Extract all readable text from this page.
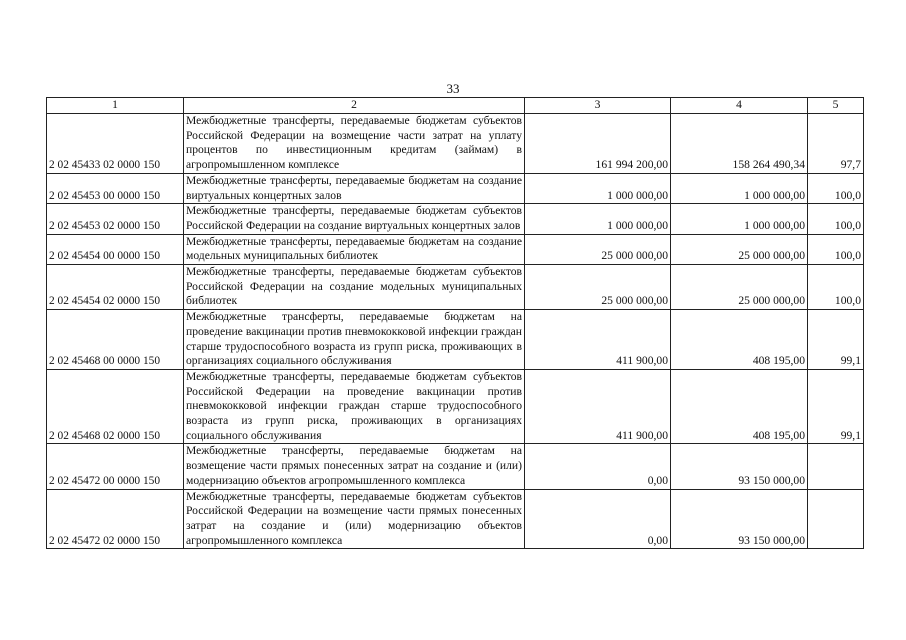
33
1	2	3	4	5
2 02 45433 02 0000 150	Межбюджетные трансферты, передаваемые бюджетам субъектов Российской Федерации на возмещение части затрат на уплату процентов по инвестиционным кредитам (займам) в агропромышленном комплексе	161 994 200,00	158 264 490,34	97,7
2 02 45453 00 0000 150	Межбюджетные трансферты, передаваемые бюджетам на создание виртуальных концертных залов	1 000 000,00	1 000 000,00	100,0
2 02 45453 02 0000 150	Межбюджетные трансферты, передаваемые бюджетам субъектов Российской Федерации на создание виртуальных концертных залов	1 000 000,00	1 000 000,00	100,0
2 02 45454 00 0000 150	Межбюджетные трансферты, передаваемые бюджетам на создание модельных муниципальных библиотек	25 000 000,00	25 000 000,00	100,0
2 02 45454 02 0000 150	Межбюджетные трансферты, передаваемые бюджетам субъектов Российской Федерации на создание модельных муниципальных библиотек	25 000 000,00	25 000 000,00	100,0
2 02 45468 00 0000 150	Межбюджетные трансферты, передаваемые бюджетам на проведение вакцинации против пневмококковой инфекции граждан старше трудоспособного возраста из групп риска, проживающих в организациях социального обслуживания	411 900,00	408 195,00	99,1
2 02 45468 02 0000 150	Межбюджетные трансферты, передаваемые бюджетам субъектов Российской Федерации на проведение вакцинации против пневмококковой инфекции граждан старше трудоспособного возраста из групп риска, проживающих в организациях социального обслуживания	411 900,00	408 195,00	99,1
2 02 45472 00 0000 150	Межбюджетные трансферты, передаваемые бюджетам на возмещение части прямых понесенных затрат на создание и (или) модернизацию объектов агропромышленного комплекса	0,00	93 150 000,00	
2 02 45472 02 0000 150	Межбюджетные трансферты, передаваемые бюджетам субъектов Российской Федерации на возмещение части прямых понесенных затрат на создание и (или) модернизацию объектов агропромышленного комплекса	0,00	93 150 000,00	
